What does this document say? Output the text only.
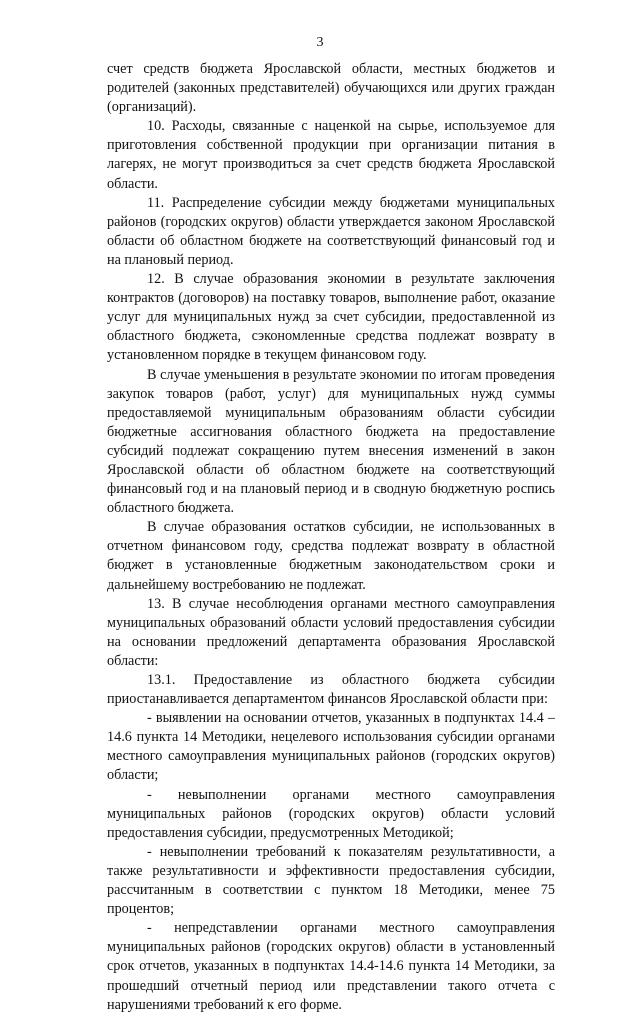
3

счет средств бюджета Ярославской области, местных бюджетов и родителей (законных представителей) обучающихся или других граждан (организаций).

10. Расходы, связанные с наценкой на сырье, используемое для приготовления собственной продукции при организации питания в лагерях, не могут производиться за счет средств бюджета Ярославской области.

11. Распределение субсидии между бюджетами муниципальных районов (городских округов) области утверждается законом Ярославской области об областном бюджете на соответствующий финансовый год и на плановый период.

12. В случае образования экономии в результате заключения контрактов (договоров) на поставку товаров, выполнение работ, оказание услуг для муниципальных нужд за счет субсидии, предоставленной из областного бюджета, сэкономленные средства подлежат возврату в установленном порядке в текущем финансовом году.

В случае уменьшения в результате экономии по итогам проведения закупок товаров (работ, услуг) для муниципальных нужд суммы предоставляемой муниципальным образованиям области субсидии бюджетные ассигнования областного бюджета на предоставление субсидий подлежат сокращению путем внесения изменений в закон Ярославской области об областном бюджете на соответствующий финансовый год и на плановый период и в сводную бюджетную роспись областного бюджета.

В случае образования остатков субсидии, не использованных в отчетном финансовом году, средства подлежат возврату в областной бюджет в установленные бюджетным законодательством сроки и дальнейшему востребованию не подлежат.

13. В случае несоблюдения органами местного самоуправления муниципальных образований области условий предоставления субсидии на основании предложений департамента образования Ярославской области:

13.1. Предоставление из областного бюджета субсидии приостанавливается департаментом финансов Ярославской области при:

- выявлении на основании отчетов, указанных в подпунктах 14.4 – 14.6 пункта 14 Методики, нецелевого использования субсидии органами местного самоуправления муниципальных районов (городских округов) области;

- невыполнении органами местного самоуправления муниципальных районов (городских округов) области условий предоставления субсидии, предусмотренных Методикой;

- невыполнении требований к показателям результативности, а также результативности и эффективности предоставления субсидии, рассчитанным в соответствии с пунктом 18 Методики, менее 75 процентов;

- непредставлении органами местного самоуправления муниципальных районов (городских округов) области в установленный срок отчетов, указанных в подпунктах 14.4-14.6 пункта 14 Методики, за прошедший отчетный период или представлении такого отчета с нарушениями требований к его форме.
